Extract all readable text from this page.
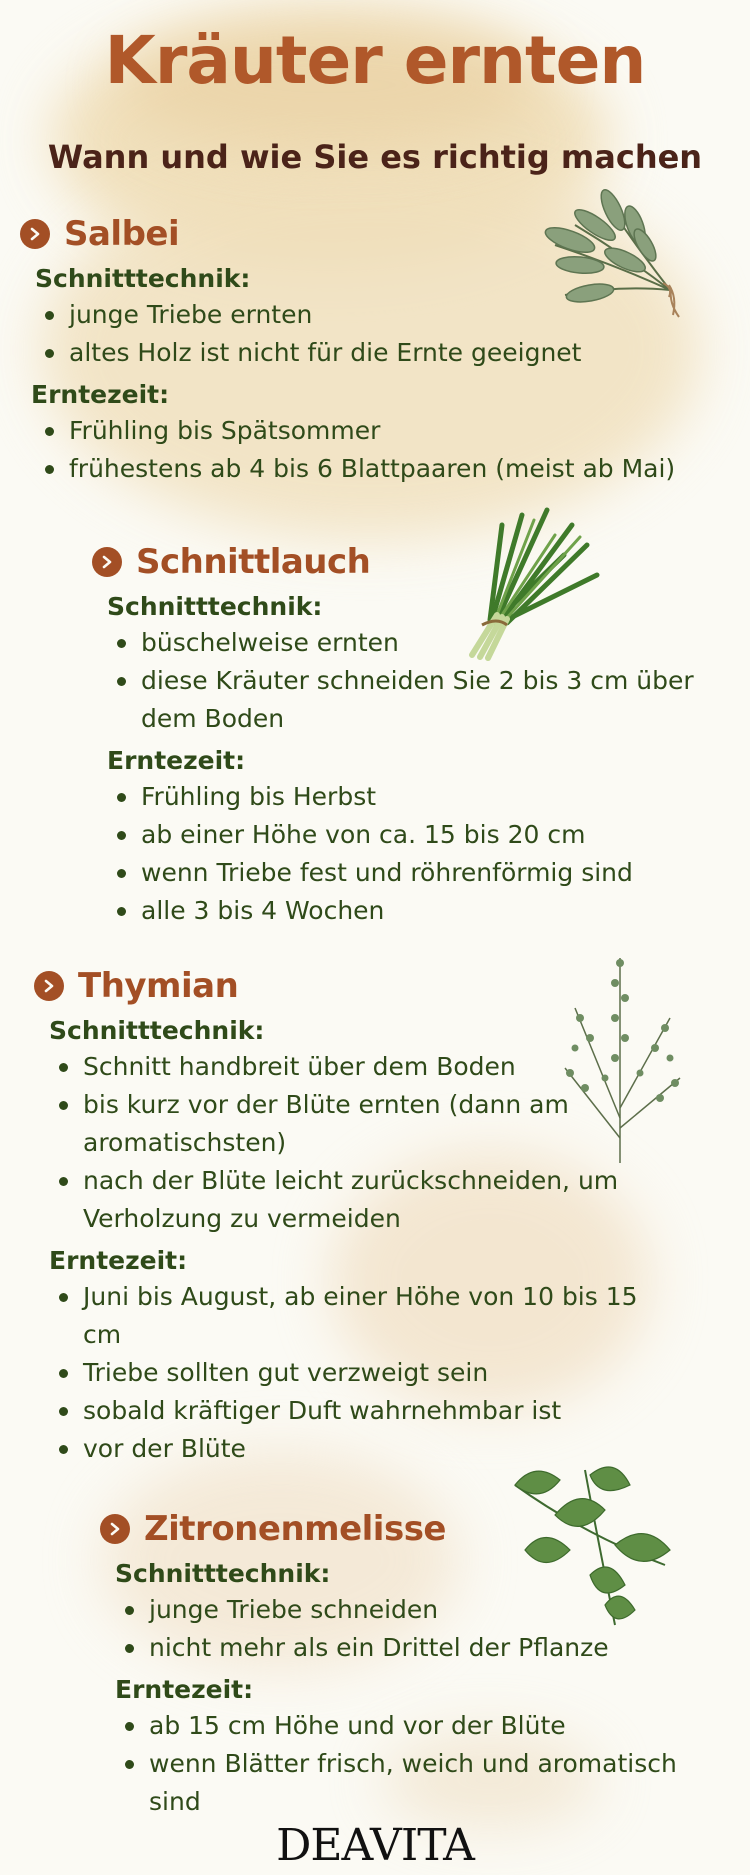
Kräuter ernten
Wann und wie Sie es richtig machen
Salbei
Schnitttechnik:
junge Triebe ernten
altes Holz ist nicht für die Ernte geeignet
Erntezeit:
Frühling bis Spätsommer
frühestens ab 4 bis 6 Blattpaaren (meist ab Mai)
Schnittlauch
Schnitttechnik:
büschelweise ernten
diese Kräuter schneiden Sie 2 bis 3 cm über dem Boden
Erntezeit:
Frühling bis Herbst
ab einer Höhe von ca. 15 bis 20 cm
wenn Triebe fest und röhrenförmig sind
alle 3 bis 4 Wochen
Thymian
Schnitttechnik:
Schnitt handbreit über dem Boden
bis kurz vor der Blüte ernten (dann am aromatischsten)
nach der Blüte leicht zurückschneiden, um Verholzung zu vermeiden
Erntezeit:
Juni bis August, ab einer Höhe von 10 bis 15 cm
Triebe sollten gut verzweigt sein
sobald kräftiger Duft wahrnehmbar ist
vor der Blüte
Zitronenmelisse
Schnitttechnik:
junge Triebe schneiden
nicht mehr als ein Drittel der Pflanze
Erntezeit:
ab 15 cm Höhe und vor der Blüte
wenn Blätter frisch, weich und aromatisch sind
DEAVITA
